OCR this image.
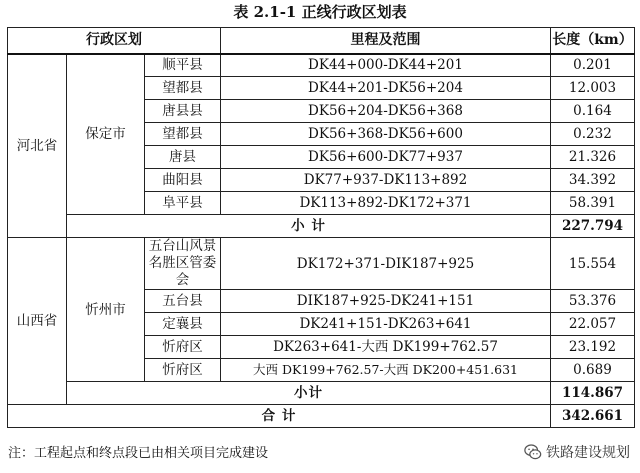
表 2.1-1 正线行政区划表
行政区划			里程及范围	长度（km）
河北省	保定市	顺平县	DK44+000-DK44+201	0.201
		望都县	DK44+201-DK56+204	12.003
		唐县县	DK56+204-DK56+368	0.164
		望都县	DK56+368-DK56+600	0.232
		唐县	DK56+600-DK77+937	21.326
		曲阳县	DK77+937-DK113+892	34.392
		阜平县	DK113+892-DK172+371	58.391
	小 计			227.794
山西省	忻州市	五台山风景名胜区管委会	DK172+371-DIK187+925	15.554
		五台县	DIK187+925-DK241+151	53.376
		定襄县	DK241+151-DK263+641	22.057
		忻府区	DK263+641-大西 DK199+762.57	23.192
		忻府区	大西 DK199+762.57-大西 DK200+451.631	0.689
	小计			114.867
合 计				342.661
注：工程起点和终点段已由相关项目完成建设	铁路建设规划
